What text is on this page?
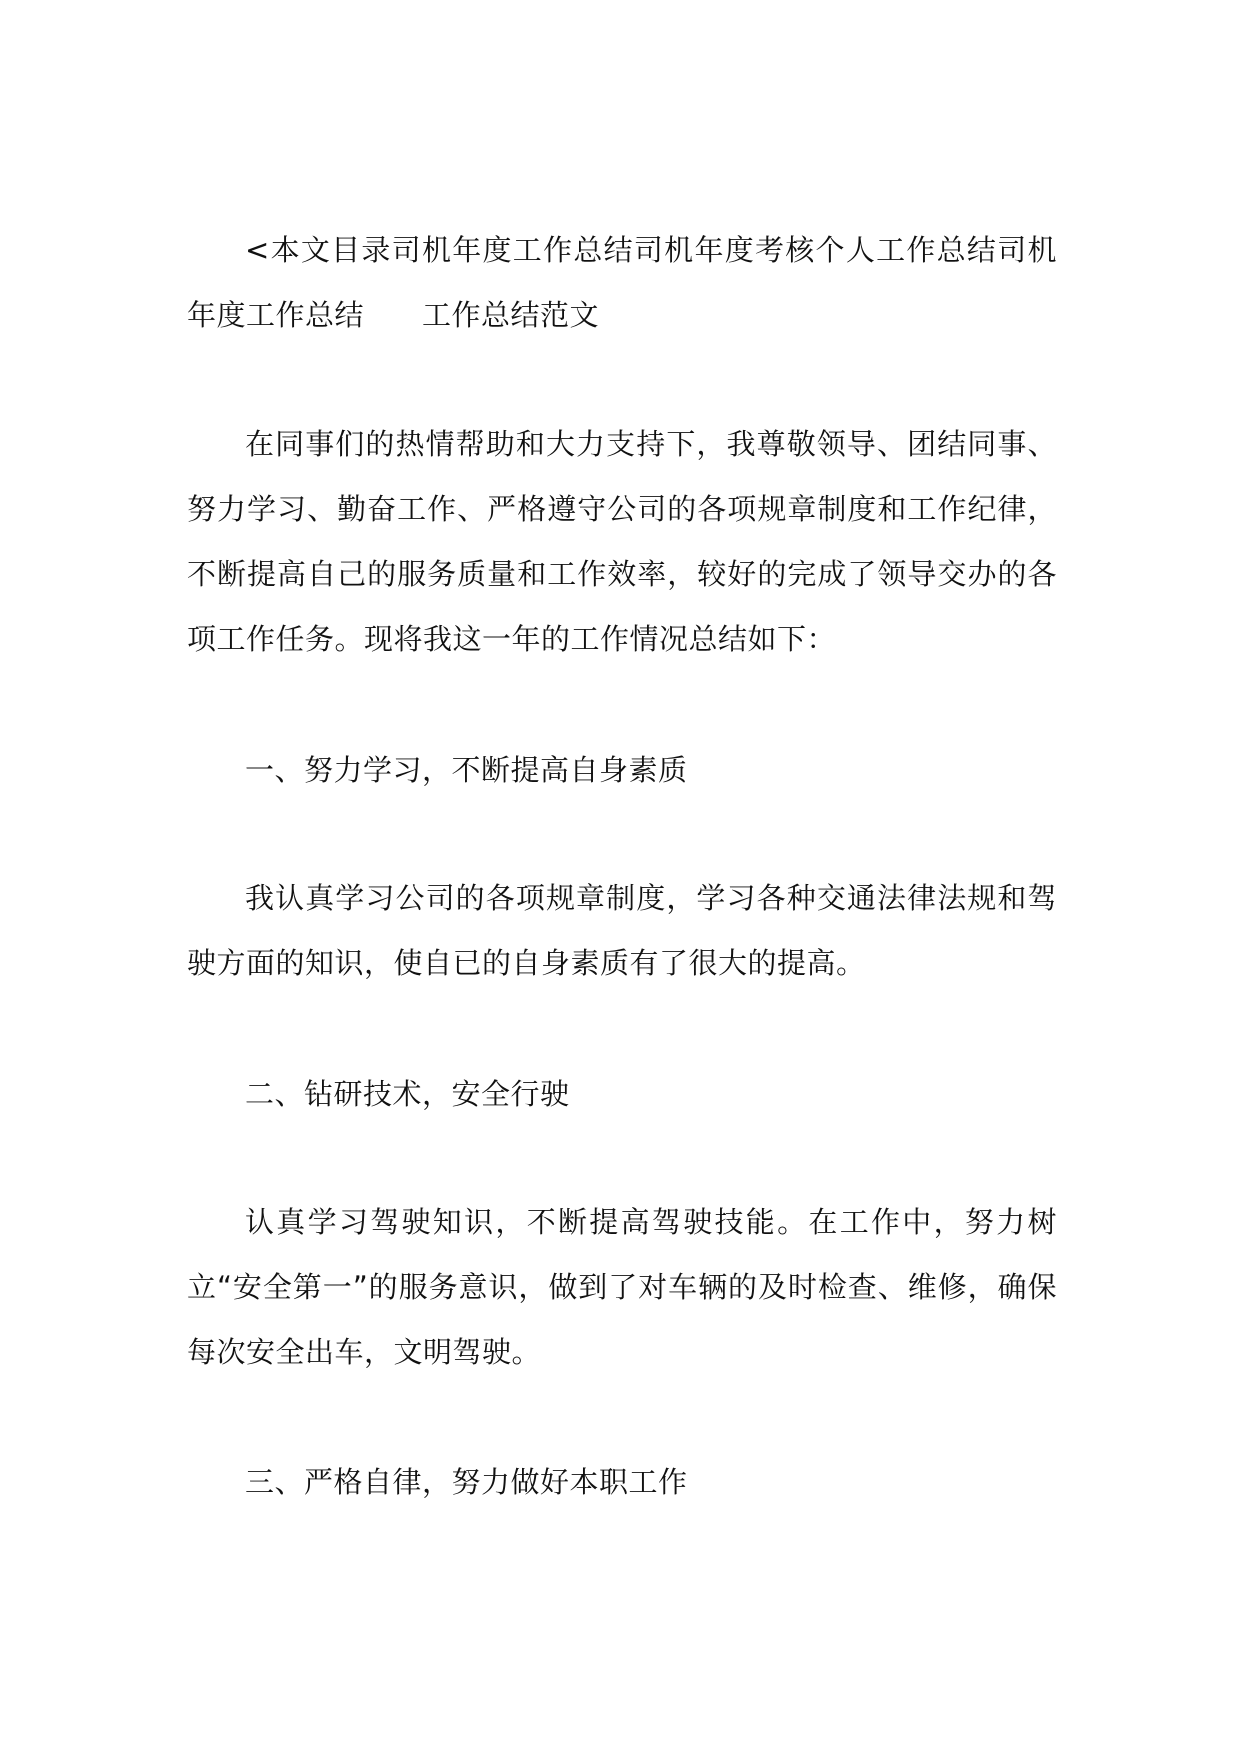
<本文目录司机年度工作总结司机年度考核个人工作总结司机年度工作总结 工作总结范文

在同事们的热情帮助和大力支持下，我尊敬领导、团结同事、努力学习、勤奋工作、严格遵守公司的各项规章制度和工作纪律，不断提高自己的服务质量和工作效率，较好的完成了领导交办的各项工作任务。现将我这一年的工作情况总结如下：

一、努力学习，不断提高自身素质

我认真学习公司的各项规章制度，学习各种交通法律法规和驾驶方面的知识，使自已的自身素质有了很大的提高。

二、钻研技术，安全行驶

认真学习驾驶知识，不断提高驾驶技能。在工作中，努力树立“安全第一”的服务意识，做到了对车辆的及时检查、维修，确保每次安全出车，文明驾驶。

三、严格自律，努力做好本职工作
